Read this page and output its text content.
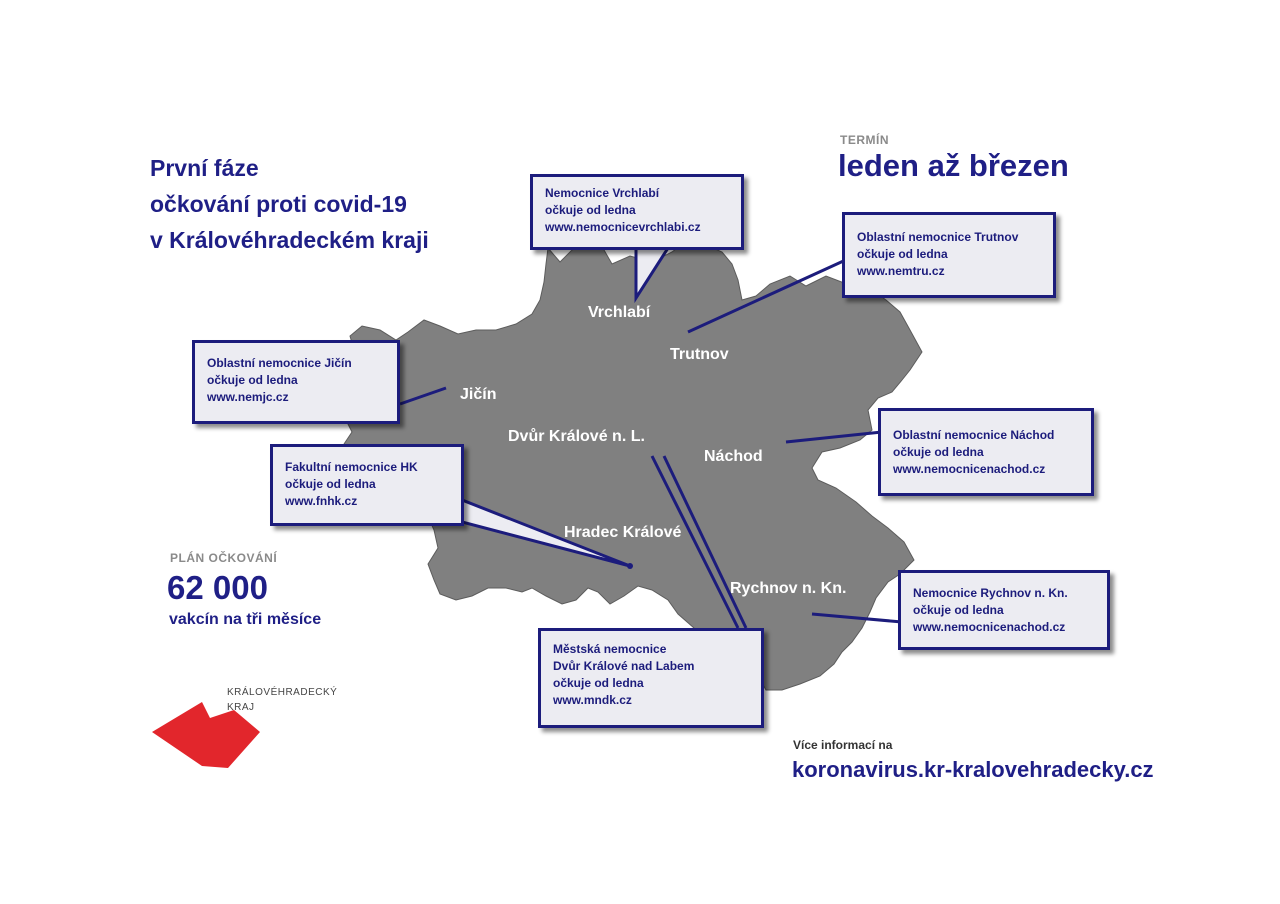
První fáze
očkování proti covid-19
v Královéhradeckém kraji
TERMÍN
leden až březen
PLÁN OČKOVÁNÍ
62 000
vakcín na tři měsíce
KRÁLOVÉHRADECKÝ
KRAJ
Více informací na
koronavirus.kr-kralovehradecky.cz
Vrchlabí
Trutnov
Jičín
Dvůr Králové n. L.
Náchod
Hradec Králové
Rychnov n. Kn.
Nemocnice Vrchlabí
očkuje od ledna
www.nemocnicevrchlabi.cz
Oblastní nemocnice Trutnov
očkuje od ledna
www.nemtru.cz
Oblastní nemocnice Jičín
očkuje od ledna
www.nemjc.cz
Fakultní nemocnice HK
očkuje od ledna
www.fnhk.cz
Oblastní nemocnice Náchod
očkuje od ledna
www.nemocnicenachod.cz
Nemocnice Rychnov n. Kn.
očkuje od ledna
www.nemocnicenachod.cz
Městská nemocnice
Dvůr Králové nad Labem
očkuje od ledna
www.mndk.cz
